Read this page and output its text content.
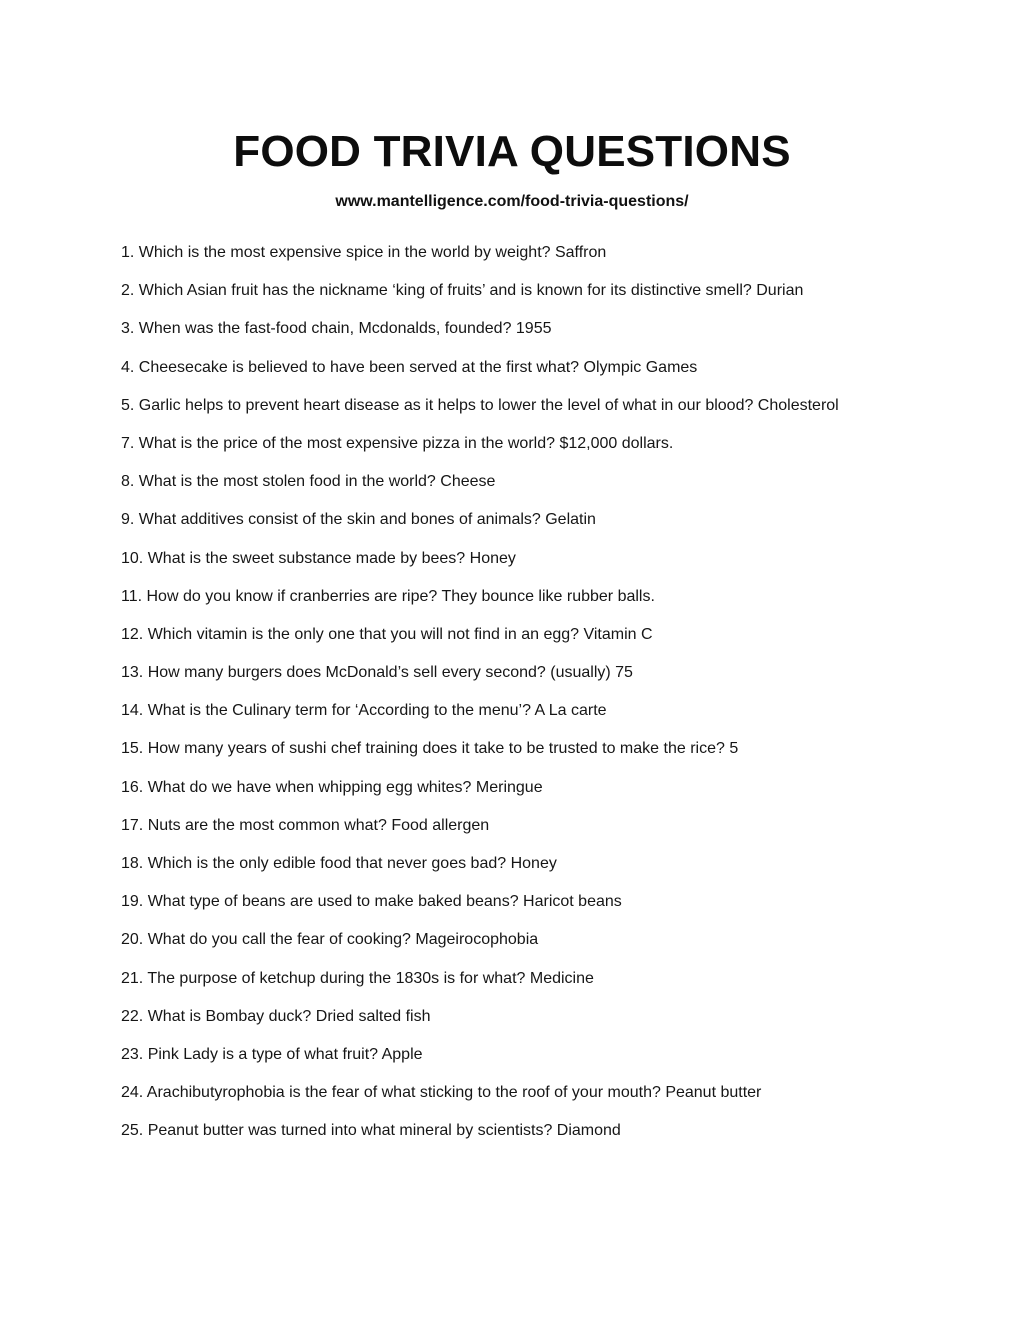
FOOD TRIVIA QUESTIONS
www.mantelligence.com/food-trivia-questions/
1. Which is the most expensive spice in the world by weight? Saffron
2. Which Asian fruit has the nickname ‘king of fruits’ and is known for its distinctive smell? Durian
3. When was the fast-food chain, Mcdonalds, founded? 1955
4. Cheesecake is believed to have been served at the first what? Olympic Games
5. Garlic helps to prevent heart disease as it helps to lower the level of what in our blood? Cholesterol
7. What is the price of the most expensive pizza in the world? $12,000 dollars.
8. What is the most stolen food in the world? Cheese
9. What additives consist of the skin and bones of animals? Gelatin
10. What is the sweet substance made by bees? Honey
11. How do you know if cranberries are ripe? They bounce like rubber balls.
12. Which vitamin is the only one that you will not find in an egg? Vitamin C
13. How many burgers does McDonald’s sell every second? (usually) 75
14. What is the Culinary term for ‘According to the menu’? A La carte
15. How many years of sushi chef training does it take to be trusted to make the rice? 5
16. What do we have when whipping egg whites? Meringue
17. Nuts are the most common what? Food allergen
18. Which is the only edible food that never goes bad? Honey
19. What type of beans are used to make baked beans? Haricot beans
20. What do you call the fear of cooking? Mageirocophobia
21. The purpose of ketchup during the 1830s is for what? Medicine
22. What is Bombay duck? Dried salted fish
23. Pink Lady is a type of what fruit? Apple
24. Arachibutyrophobia is the fear of what sticking to the roof of your mouth? Peanut butter
25. Peanut butter was turned into what mineral by scientists? Diamond
